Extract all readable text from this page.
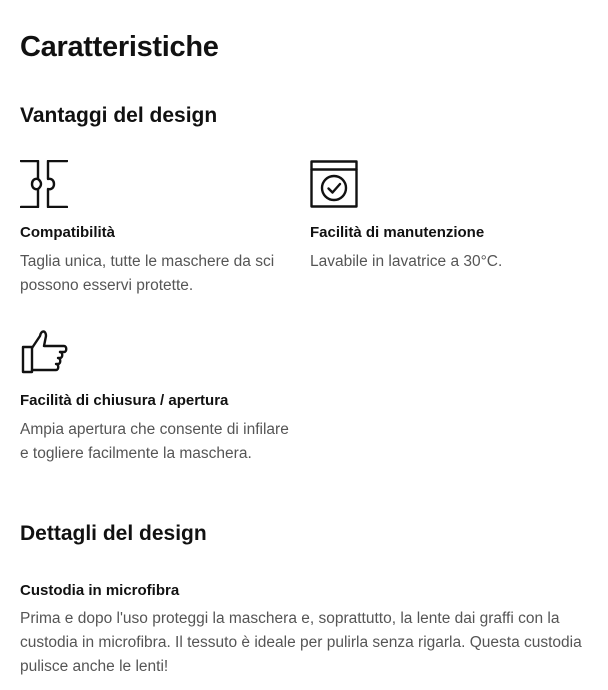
Caratteristiche
Vantaggi del design
Compatibilità
Taglia unica, tutte le maschere da sci possono esservi protette.
Facilità di manutenzione
Lavabile in lavatrice a 30°C.
Facilità di chiusura / apertura
Ampia apertura che consente di infilare e togliere facilmente la maschera.
Dettagli del design
Custodia in microfibra
Prima e dopo l'uso proteggi la maschera e, soprattutto, la lente dai graffi con la custodia in microfibra. Il tessuto è ideale per pulirla senza rigarla. Questa custodia pulisce anche le lenti!
